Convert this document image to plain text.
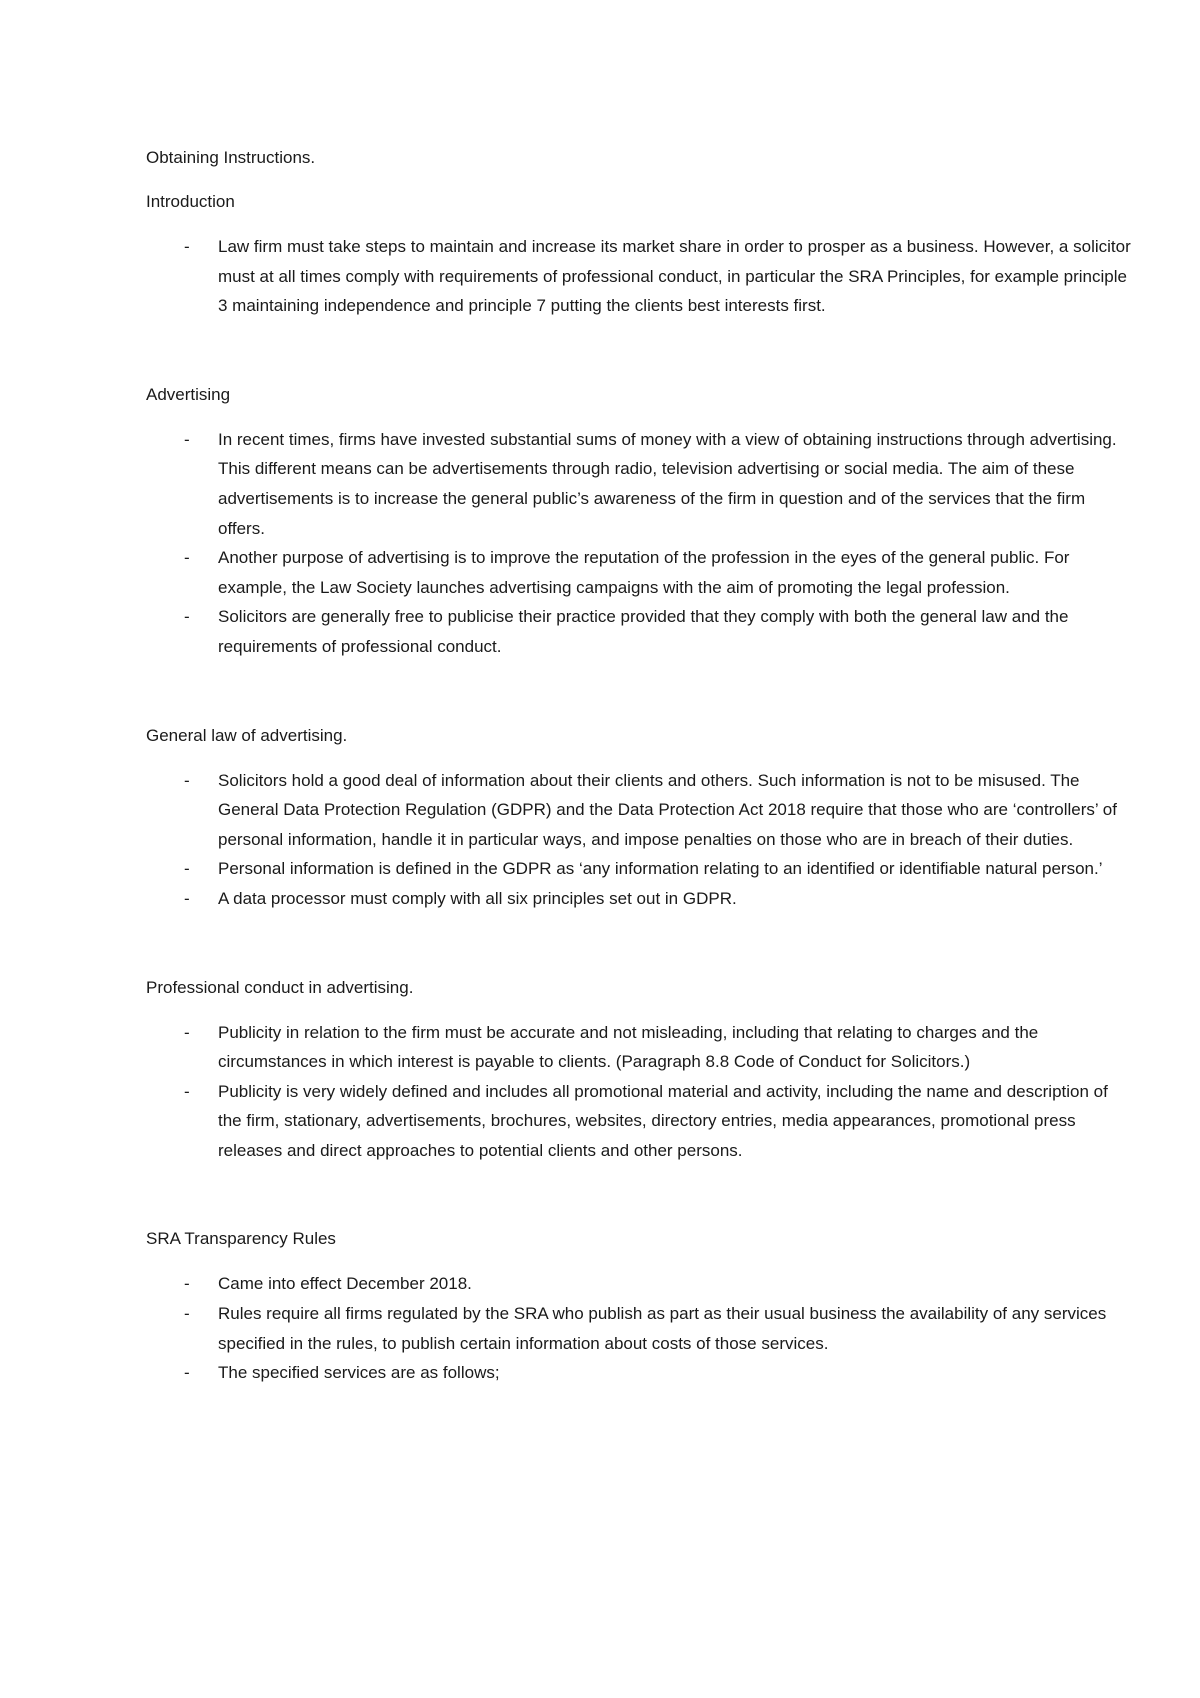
Obtaining Instructions.

Introduction

- Law firm must take steps to maintain and increase its market share in order to prosper as a business. However, a solicitor must at all times comply with requirements of professional conduct, in particular the SRA Principles, for example principle 3 maintaining independence and principle 7 putting the clients best interests first.

Advertising

- In recent times, firms have invested substantial sums of money with a view of obtaining instructions through advertising. This different means can be advertisements through radio, television advertising or social media. The aim of these advertisements is to increase the general public’s awareness of the firm in question and of the services that the firm offers.
- Another purpose of advertising is to improve the reputation of the profession in the eyes of the general public. For example, the Law Society launches advertising campaigns with the aim of promoting the legal profession.
- Solicitors are generally free to publicise their practice provided that they comply with both the general law and the requirements of professional conduct.

General law of advertising.

- Solicitors hold a good deal of information about their clients and others. Such information is not to be misused. The General Data Protection Regulation (GDPR) and the Data Protection Act 2018 require that those who are ‘controllers’ of personal information, handle it in particular ways, and impose penalties on those who are in breach of their duties.
- Personal information is defined in the GDPR as ‘any information relating to an identified or identifiable natural person.’
- A data processor must comply with all six principles set out in GDPR.

Professional conduct in advertising.

- Publicity in relation to the firm must be accurate and not misleading, including that relating to charges and the circumstances in which interest is payable to clients. (Paragraph 8.8 Code of Conduct for Solicitors.)
- Publicity is very widely defined and includes all promotional material and activity, including the name and description of the firm, stationary, advertisements, brochures, websites, directory entries, media appearances, promotional press releases and direct approaches to potential clients and other persons.

SRA Transparency Rules

- Came into effect December 2018.
- Rules require all firms regulated by the SRA who publish as part as their usual business the availability of any services specified in the rules, to publish certain information about costs of those services.
- The specified services are as follows;
